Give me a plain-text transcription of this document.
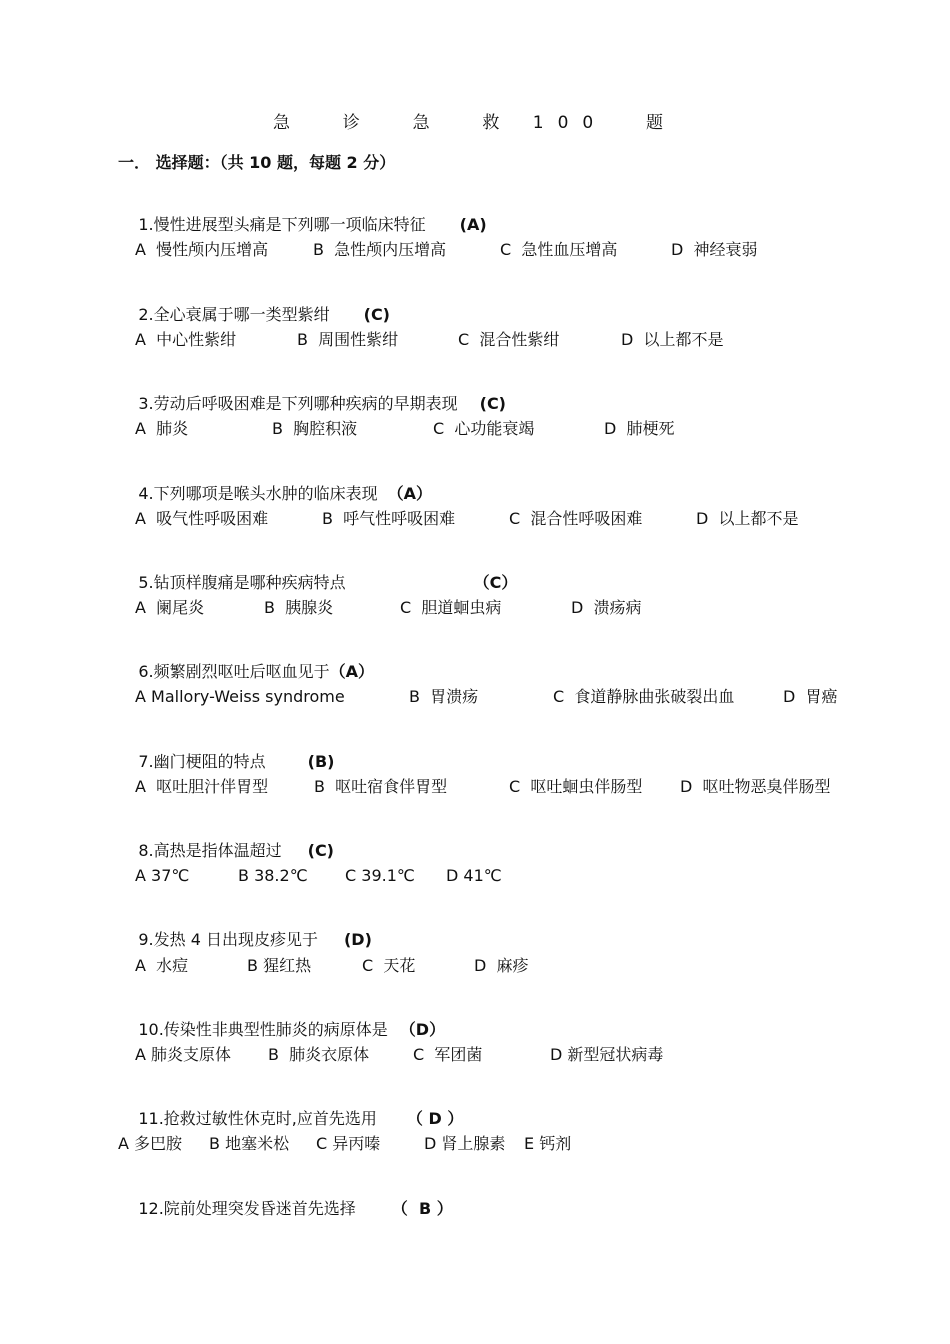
急  诊  急  救 100  题
一． 选择题：（共 10 题，每题 2 分）

1.慢性进展型头痛是下列哪一项临床特征 (A)

A  慢性颅内压增高	B  急性颅内压增高	C  急性血压增高	D  神经衰弱

2.全心衰属于哪一类型紫绀 (C)

A  中心性紫绀	B  周围性紫绀	C  混合性紫绀	D  以上都不是

3.劳动后呼吸困难是下列哪种疾病的早期表现 (C)

A  肺炎	B  胸腔积液	C  心功能衰竭	D  肺梗死

4.下列哪项是喉头水肿的临床表现 （A）

A  吸气性呼吸困难	B  呼气性呼吸困难	C  混合性呼吸困难	D  以上都不是

5.钻顶样腹痛是哪种疾病特点	（C）

A  阑尾炎	B  胰腺炎	C  胆道蛔虫病	D  溃疡病

6.频繁剧烈呕吐后呕血见于（A）

A Mallory-Weiss syndrome	B  胃溃疡	C  食道静脉曲张破裂出血	D  胃癌

7.幽门梗阻的特点	(B)

A  呕吐胆汁伴胃型	B  呕吐宿食伴胃型	C  呕吐蛔虫伴肠型 D  呕吐物恶臭伴肠型

8.高热是指体温超过 (C)

A 37℃	B 38.2℃ C 39.1℃ D 41℃

9.发热 4 日出现皮疹见于 (D)

A  水痘	B 猩红热	C  天花	D  麻疹

10.传染性非典型性肺炎的病原体是 （D）

A 肺炎支原体 B  肺炎衣原体	C  军团菌	D 新型冠状病毒

11.抢救过敏性休克时,应首先选用 （ D ）

A 多巴胺 B 地塞米松 C 异丙嗪	D 肾上腺素 E 钙剂

12.院前处理突发昏迷首先选择 （  B ）
